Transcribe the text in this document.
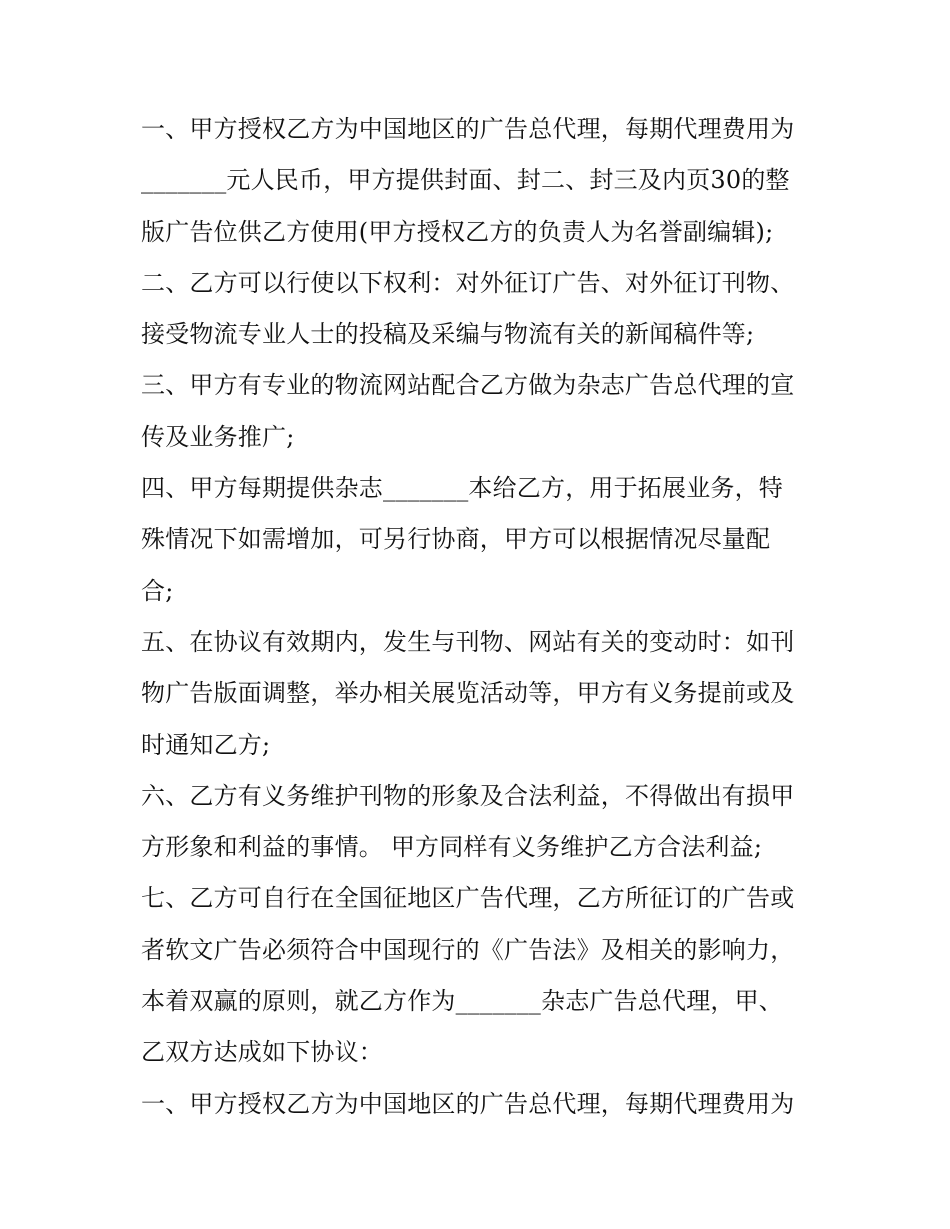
一、甲方授权乙方为中国地区的广告总代理，每期代理费用为
_______元人民币，甲方提供封面、封二、封三及内页30的整
版广告位供乙方使用(甲方授权乙方的负责人为名誉副编辑);
二、乙方可以行使以下权利：对外征订广告、对外征订刊物、
接受物流专业人士的投稿及采编与物流有关的新闻稿件等;
三、甲方有专业的物流网站配合乙方做为杂志广告总代理的宣
传及业务推广;
四、甲方每期提供杂志_______本给乙方，用于拓展业务，特
殊情况下如需增加，可另行协商，甲方可以根据情况尽量配
合;
五、在协议有效期内，发生与刊物、网站有关的变动时：如刊
物广告版面调整，举办相关展览活动等，甲方有义务提前或及
时通知乙方;
六、乙方有义务维护刊物的形象及合法利益，不得做出有损甲
方形象和利益的事情。 甲方同样有义务维护乙方合法利益;
七、乙方可自行在全国征地区广告代理，乙方所征订的广告或
者软文广告必须符合中国现行的《广告法》及相关的影响力，
本着双赢的原则，就乙方作为_______杂志广告总代理，甲、
乙双方达成如下协议：
一、甲方授权乙方为中国地区的广告总代理，每期代理费用为
